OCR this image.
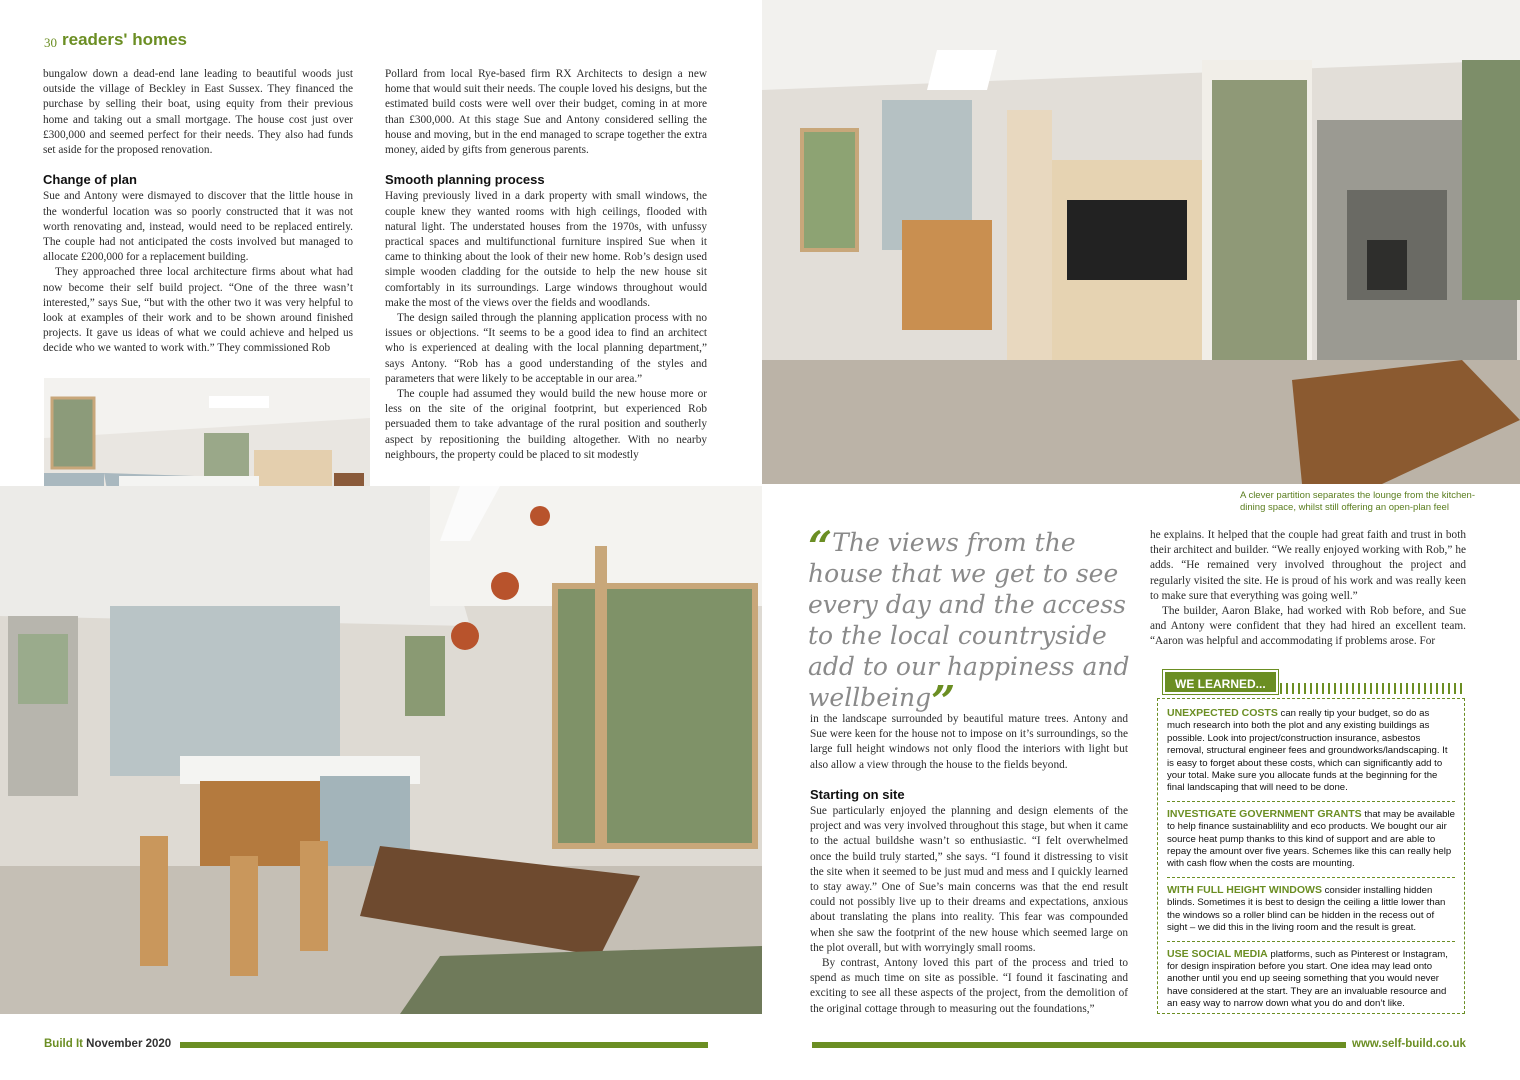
30 readers' homes

bungalow down a dead-end lane leading to beautiful woods just outside the village of Beckley in East Sussex. They financed the purchase by selling their boat, using equity from their previous home and taking out a small mortgage. The house cost just over £300,000 and seemed perfect for their needs. They also had funds set aside for the proposed renovation.

Change of plan

Sue and Antony were dismayed to discover that the little house in the wonderful location was so poorly constructed that it was not worth renovating and, instead, would need to be replaced entirely. The couple had not anticipated the costs involved but managed to allocate £200,000 for a replacement building.

They approached three local architecture firms about what had now become their self build project. “One of the three wasn’t interested,” says Sue, “but with the other two it was very helpful to look at examples of their work and to be shown around finished projects. It gave us ideas of what we could achieve and helped us decide who we wanted to work with.” They commissioned Rob

Pollard from local Rye-based firm RX Architects to design a new home that would suit their needs. The couple loved his designs, but the estimated build costs were well over their budget, coming in at more than £300,000. At this stage Sue and Antony considered selling the house and moving, but in the end managed to scrape together the extra money, aided by gifts from generous parents.

Smooth planning process

Having previously lived in a dark property with small windows, the couple knew they wanted rooms with high ceilings, flooded with natural light. The understated houses from the 1970s, with unfussy practical spaces and multifunctional furniture inspired Sue when it came to thinking about the look of their new home. Rob’s design used simple wooden cladding for the outside to help the new house sit comfortably in its surroundings. Large windows throughout would make the most of the views over the fields and woodlands.

The design sailed through the planning application process with no issues or objections. “It seems to be a good idea to find an architect who is experienced at dealing with the local planning department,” says Antony. “Rob has a good understanding of the styles and parameters that were likely to be acceptable in our area.”

The couple had assumed they would build the new house more or less on the site of the original footprint, but experienced Rob persuaded them to take advantage of the rural position and southerly aspect by repositioning the building altogether. With no nearby neighbours, the property could be placed to sit modestly

A clever partition separates the lounge from the kitchen-dining space, whilst still offering an open-plan feel
“The views from the house that we get to see every day and the access to the local countryside add to our happiness and wellbeing”

in the landscape surrounded by beautiful mature trees. Antony and Sue were keen for the house not to impose on it’s surroundings, so the large full height windows not only flood the interiors with light but also allow a view through the house to the fields beyond.

Starting on site

Sue particularly enjoyed the planning and design elements of the project and was very involved throughout this stage, but when it came to the actual buildshe wasn’t so enthusiastic. “I felt overwhelmed once the build truly started,” she says. “I found it distressing to visit the site when it seemed to be just mud and mess and I quickly learned to stay away.” One of Sue’s main concerns was that the end result could not possibly live up to their dreams and expectations, anxious about translating the plans into reality. This fear was compounded when she saw the footprint of the new house which seemed large on the plot overall, but with worryingly small rooms.

By contrast, Antony loved this part of the process and tried to spend as much time on site as possible. “I found it fascinating and exciting to see all these aspects of the project, from the demolition of the original cottage through to measuring out the foundations,”

he explains. It helped that the couple had great faith and trust in both their architect and builder. “We really enjoyed working with Rob,” he adds. “He remained very involved throughout the project and regularly visited the site. He is proud of his work and was really keen to make sure that everything was going well.”

The builder, Aaron Blake, had worked with Rob before, and Sue and Antony were confident that they had hired an excellent team. “Aaron was helpful and accommodating if problems arose. For

WE LEARNED...
UNEXPECTED COSTS can really tip your budget, so do as much research into both the plot and any existing buildings as possible. Look into project/construction insurance, asbestos removal, structural engineer fees and groundworks/landscaping. It is easy to forget about these costs, which can significantly add to your total. Make sure you allocate funds at the beginning for the final landscaping that will need to be done.
INVESTIGATE GOVERNMENT GRANTS that may be available to help finance sustainablility and eco products. We bought our air source heat pump thanks to this kind of support and are able to repay the amount over five years. Schemes like this can really help with cash flow when the costs are mounting.
WITH FULL HEIGHT WINDOWS consider installing hidden blinds. Sometimes it is best to design the ceiling a little lower than the windows so a roller blind can be hidden in the recess out of sight – we did this in the living room and the result is great.
USE SOCIAL MEDIA platforms, such as Pinterest or Instagram, for design inspiration before you start. One idea may lead onto another until you end up seeing something that you would never have considered at the start. They are an invaluable resource and an easy way to narrow down what you do and don’t like.
Build It November 2020	www.self-build.co.uk
